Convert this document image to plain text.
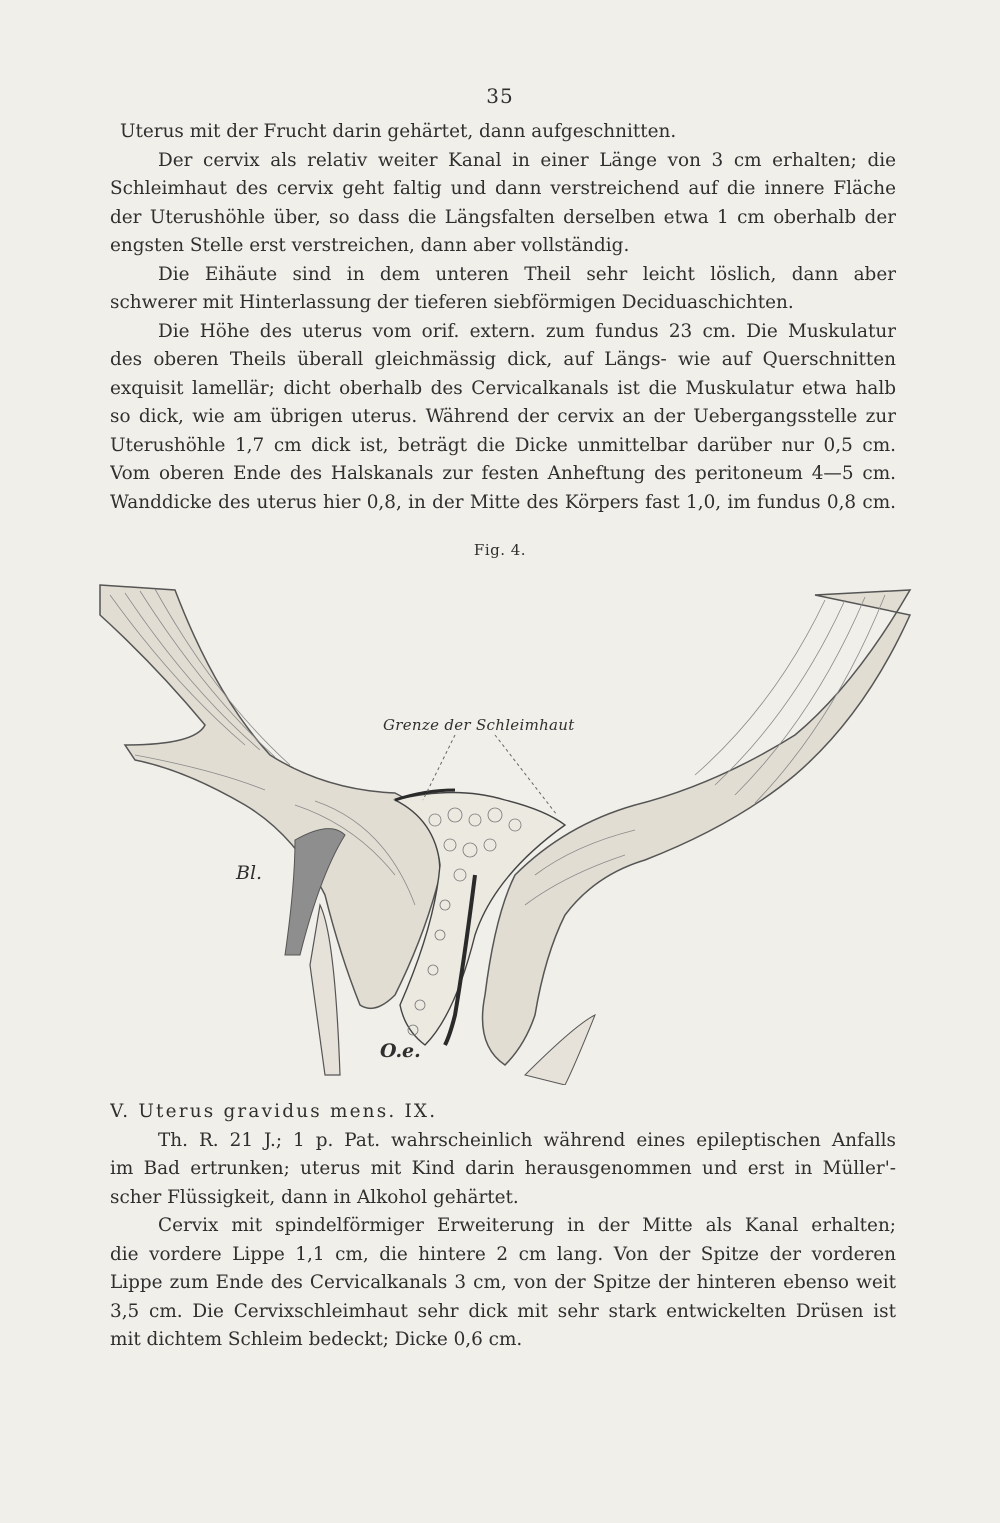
35
Uterus mit der Frucht darin gehärtet, dann aufgeschnitten.
Der cervix als relativ weiter Kanal in einer Länge von 3 cm erhalten; die
Schleimhaut des cervix geht faltig und dann verstreichend auf die innere Fläche
der Uterushöhle über, so dass die Längsfalten derselben etwa 1 cm oberhalb der
engsten Stelle erst verstreichen, dann aber vollständig.
Die Eihäute sind in dem unteren Theil sehr leicht löslich, dann aber
schwerer mit Hinterlassung der tieferen siebförmigen Deciduaschichten.
Die Höhe des uterus vom orif. extern. zum fundus 23 cm. Die Muskulatur
des oberen Theils überall gleichmässig dick, auf Längs- wie auf Querschnitten
exquisit lamellär; dicht oberhalb des Cervicalkanals ist die Muskulatur etwa halb
so dick, wie am übrigen uterus. Während der cervix an der Uebergangsstelle zur
Uterushöhle 1,7 cm dick ist, beträgt die Dicke unmittelbar darüber nur 0,5 cm.
Vom oberen Ende des Halskanals zur festen Anheftung des peritoneum 4—5 cm.
Wanddicke des uterus hier 0,8, in der Mitte des Körpers fast 1,0, im fundus 0,8 cm.
Fig. 4.
Grenze der Schleimhaut
Bl.
O.e.
V. Uterus gravidus mens. IX.
Th. R. 21 J.; 1 p. Pat. wahrscheinlich während eines epileptischen Anfalls
im Bad ertrunken; uterus mit Kind darin herausgenommen und erst in Müller'-
scher Flüssigkeit, dann in Alkohol gehärtet.
Cervix mit spindelförmiger Erweiterung in der Mitte als Kanal erhalten;
die vordere Lippe 1,1 cm, die hintere 2 cm lang. Von der Spitze der vorderen
Lippe zum Ende des Cervicalkanals 3 cm, von der Spitze der hinteren ebenso weit
3,5 cm. Die Cervixschleimhaut sehr dick mit sehr stark entwickelten Drüsen ist
mit dichtem Schleim bedeckt; Dicke 0,6 cm.
